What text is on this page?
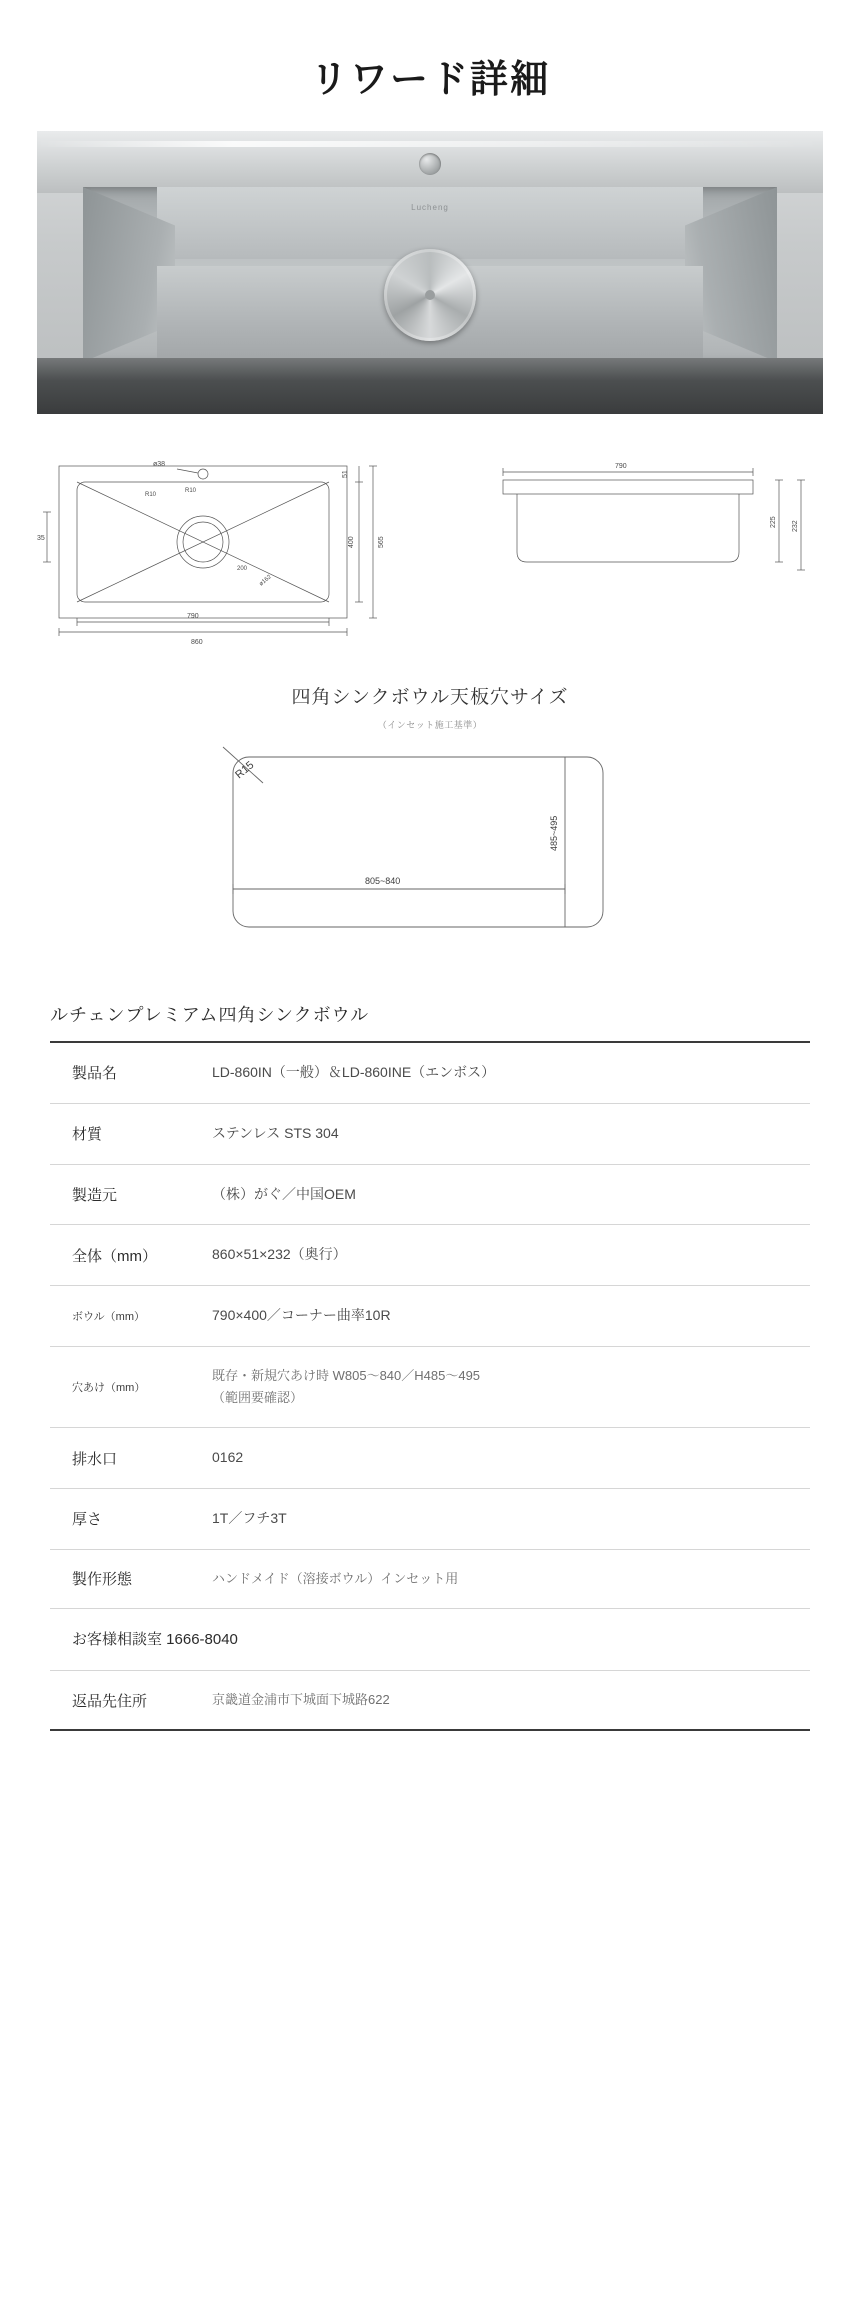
リワード詳細
Lucheng
ø38
35
51
400	565
790
860
R10
R10
200
ø162
790
225 232
四角シンクボウル天板穴サイズ
（インセット施工基準）
R15
485~495
805~840
ルチェンプレミアム四角シンクボウル
製品名	LD-860IN（一般）＆LD-860INE（エンボス）
材質	ステンレス STS 304
製造元	（株）がぐ／中国OEM
全体（mm）	860×51×232（奥行）
ボウル（mm）	790×400／コーナー曲率10R
穴あけ（mm）	既存・新規穴あけ時 W805〜840／H485〜495
（範囲要確認）

排水口	0162
厚さ	1T／フチ3T
製作形態	ハンドメイド（溶接ボウル）インセット用
お客様相談室 1666-8040	
返品先住所	京畿道金浦市下城面下城路622
